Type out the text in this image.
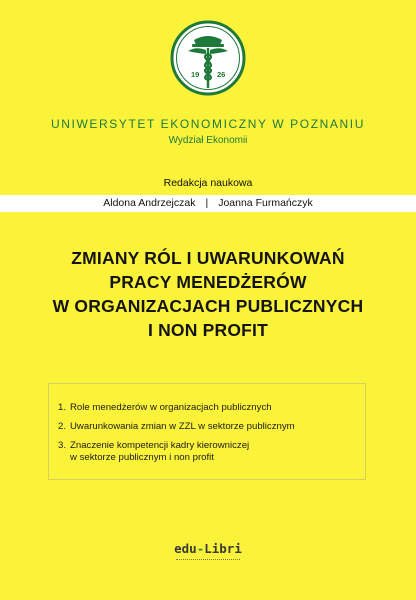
19 26
UNIWERSYTET EKONOMICZNY W POZNANIU
Wydział Ekonomii
Redakcja naukowa
Aldona Andrzejczak | Joanna Furmańczyk
ZMIANY RÓL I UWARUNKOWAŃ
PRACY MENEDŻERÓW
W ORGANIZACJACH PUBLICZNYCH
I NON PROFIT
1. Role menedżerów w organizacjach publicznych
2. Uwarunkowania zmian w ZZL w sektorze publicznym
3. Znaczenie kompetencji kadry kierowniczej
w sektorze publicznym i non profit
edu-Libri
